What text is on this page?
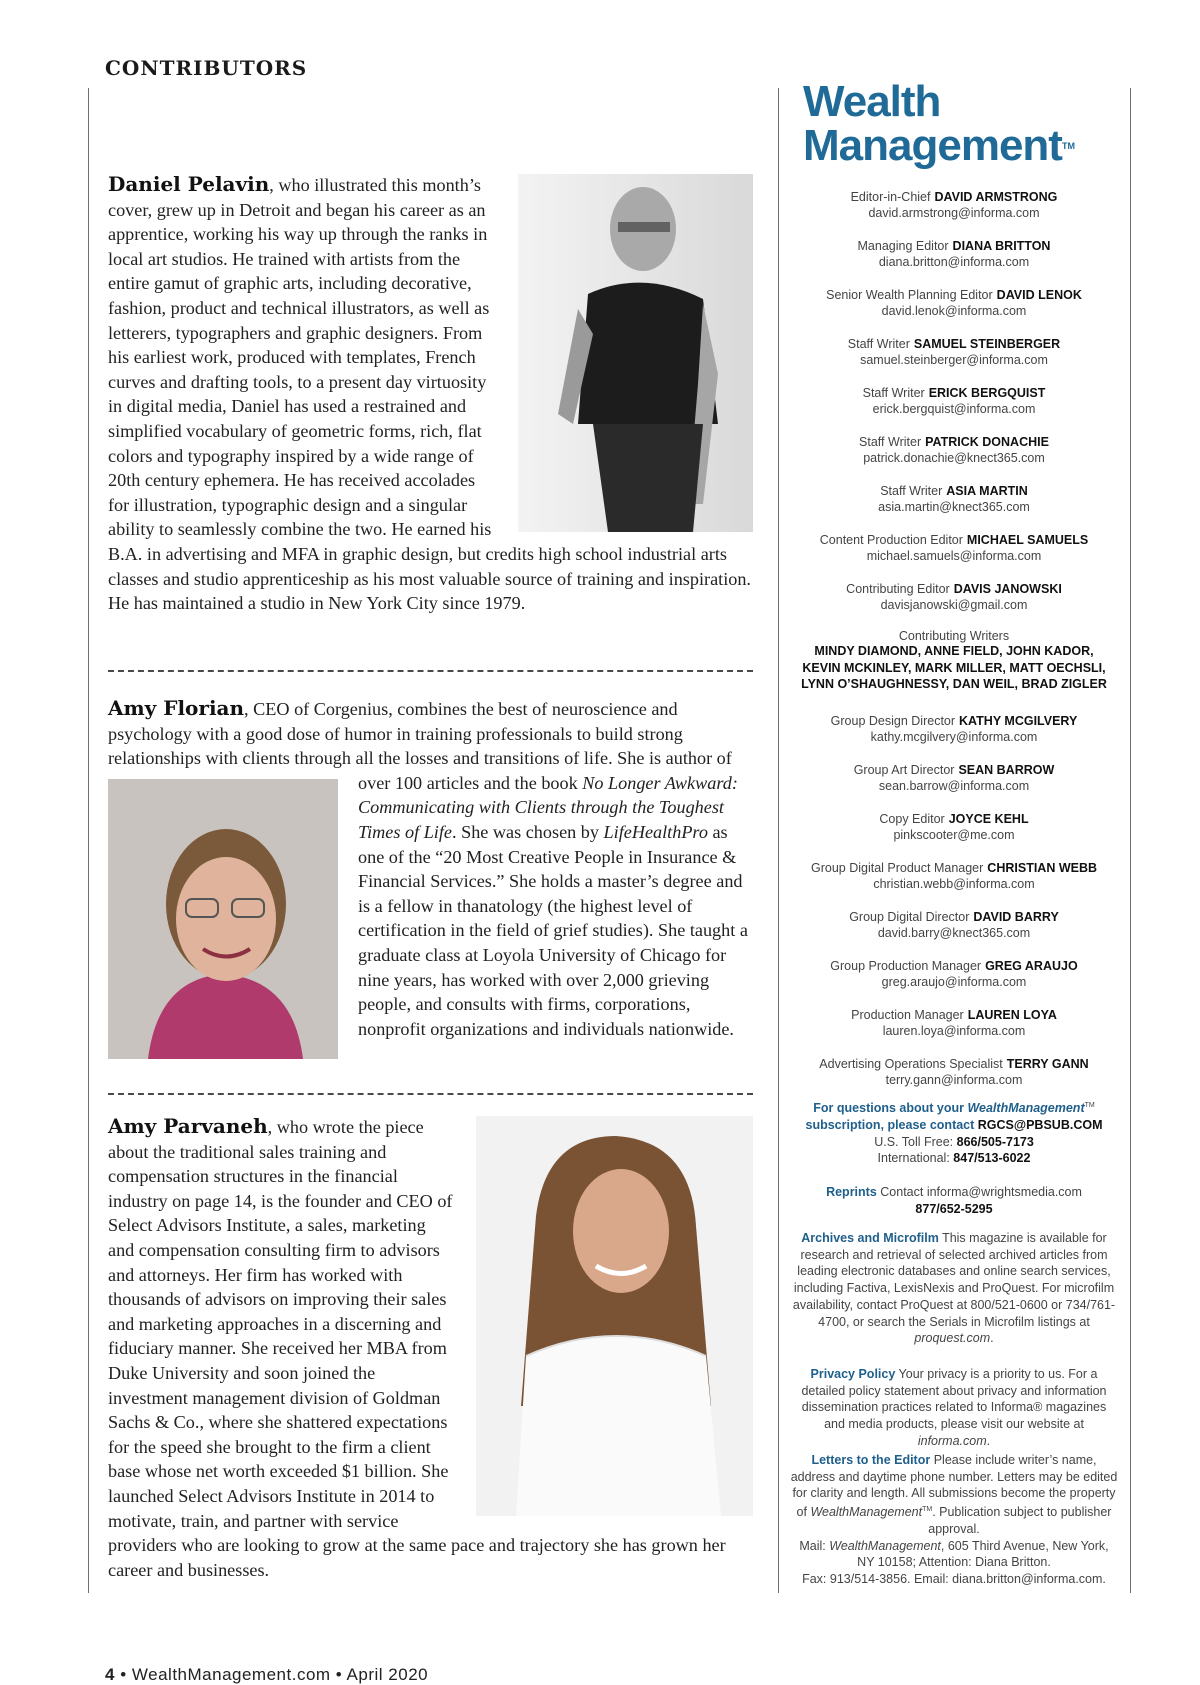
CONTRIBUTORS
Daniel Pelavin, who illustrated this month’s cover, grew up in Detroit and began his career as an apprentice, working his way up through the ranks in local art studios. He trained with artists from the entire gamut of graphic arts, including decorative, fashion, product and technical illustrators, as well as letterers, typographers and graphic designers. From his earliest work, produced with templates, French curves and drafting tools, to a present day virtuosity in digital media, Daniel has used a restrained and simplified vocabulary of geometric forms, rich, flat colors and typography inspired by a wide range of 20th century ephemera. He has received accolades for illustration, typographic design and a singular ability to seamlessly combine the two. He earned his B.A. in advertising and MFA in graphic design, but credits high school industrial arts classes and studio apprenticeship as his most valuable source of training and inspiration. He has maintained a studio in New York City since 1979.
Amy Florian, CEO of Corgenius, combines the best of neuroscience and psychology with a good dose of humor in training professionals to build strong relationships with clients through all the losses and transitions of life. She is author of over 100 articles and the book
No Longer Awkward: Communicating with Clients through the Toughest Times of Life. She was chosen by LifeHealthPro as one of the “20 Most Creative People in Insurance & Financial Services.” She holds a master’s degree and is a fellow in thanatology (the highest level of certification in the field of grief studies). She taught a graduate class at Loyola University of Chicago for nine years, has worked with over 2,000 grieving people, and consults with firms, corporations, nonprofit organizations and individuals nationwide.
Amy Parvaneh, who wrote the piece about the traditional sales training and compensation structures in the financial industry on page 14, is the founder and CEO of Select Advisors Institute, a sales, marketing and compensation consulting firm to advisors and attorneys. Her firm has worked with thousands of advisors on improving their sales and marketing approaches in a discerning and fiduciary manner. She received her MBA from Duke University and soon joined the investment management division of Goldman Sachs & Co., where she shattered expectations for the speed she brought to the firm a client base whose net worth exceeded $1 billion. She launched Select Advisors Institute in 2014 to motivate, train, and partner with service providers who are looking to grow at the same pace and trajectory she has grown her career and businesses.
Wealth
Management™
Editor-in-Chief DAVID ARMSTRONG
david.armstrong@informa.com
Managing Editor DIANA BRITTON
diana.britton@informa.com
Senior Wealth Planning Editor DAVID LENOK
david.lenok@informa.com
Staff Writer SAMUEL STEINBERGER
samuel.steinberger@informa.com
Staff Writer ERICK BERGQUIST
erick.bergquist@informa.com
Staff Writer PATRICK DONACHIE
patrick.donachie@knect365.com
Staff Writer ASIA MARTIN
asia.martin@knect365.com
Content Production Editor MICHAEL SAMUELS
michael.samuels@informa.com
Contributing Editor DAVIS JANOWSKI
davisjanowski@gmail.com
Contributing Writers
MINDY DIAMOND, ANNE FIELD, JOHN KADOR,
KEVIN MCKINLEY, MARK MILLER, MATT OECHSLI,
LYNN O’SHAUGHNESSY, DAN WEIL, BRAD ZIGLER
Group Design Director KATHY MCGILVERY
kathy.mcgilvery@informa.com
Group Art Director SEAN BARROW
sean.barrow@informa.com
Copy Editor JOYCE KEHL
pinkscooter@me.com
Group Digital Product Manager CHRISTIAN WEBB
christian.webb@informa.com
Group Digital Director DAVID BARRY
david.barry@knect365.com
Group Production Manager GREG ARAUJO
greg.araujo@informa.com
Production Manager LAUREN LOYA
lauren.loya@informa.com
Advertising Operations Specialist TERRY GANN
terry.gann@informa.com
For questions about your WealthManagement™
subscription, please contact RGCS@PBSUB.COM
U.S. Toll Free: 866/505-7173
International: 847/513-6022
Reprints Contact informa@wrightsmedia.com
877/652-5295
Archives and Microfilm This magazine is available for research and retrieval of selected archived articles from leading electronic databases and online search services, including Factiva, LexisNexis and ProQuest. For microfilm availability, contact ProQuest at 800/521-0600 or 734/761-4700, or search the Serials in Microfilm listings at proquest.com.
Privacy Policy Your privacy is a priority to us. For a detailed policy statement about privacy and information dissemination practices related to Informa® magazines and media products, please visit our website at informa.com.
Letters to the Editor Please include writer’s name, address and daytime phone number. Letters may be edited for clarity and length. All submissions become the property of WealthManagement™. Publication subject to publisher approval.
Mail: WealthManagement, 605 Third Avenue, New York, NY 10158; Attention: Diana Britton.
Fax: 913/514-3856. Email: diana.britton@informa.com.
4 • WealthManagement.com • April 2020
